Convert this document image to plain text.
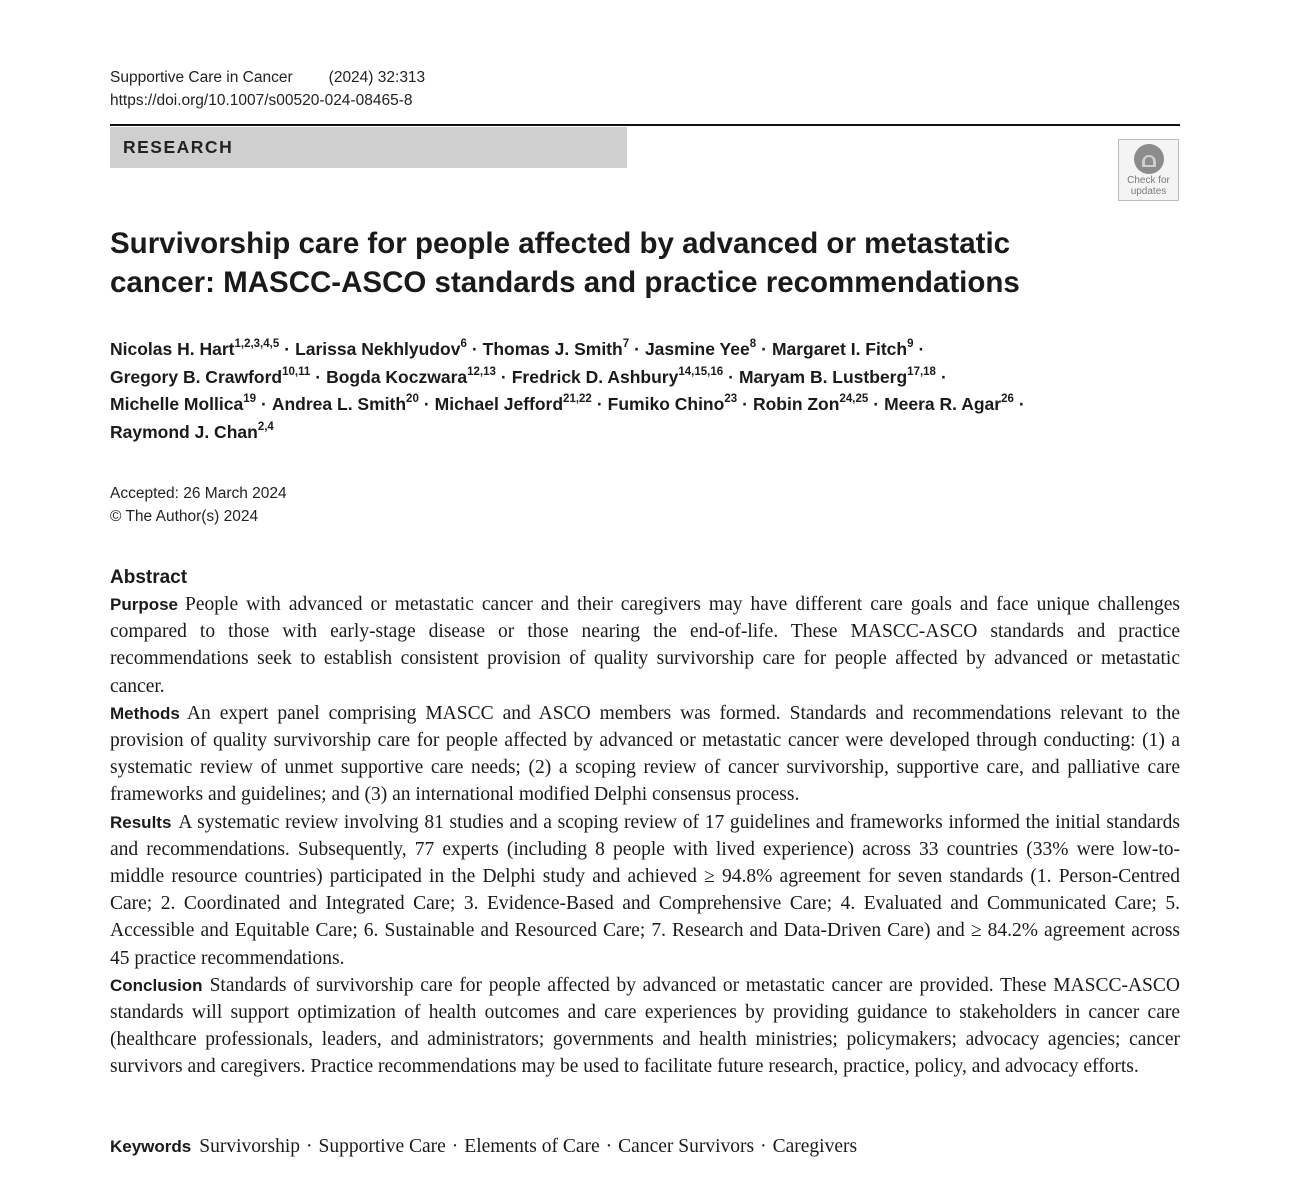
Supportive Care in Cancer (2024) 32:313
https://doi.org/10.1007/s00520-024-08465-8
RESEARCH
Check for
updates
Survivorship care for people affected by advanced or metastatic cancer: MASCC-ASCO standards and practice recommendations
Nicolas H. Hart$^{1,2,3,4,5}$ · Larissa Nekhlyudov$^6$ · Thomas J. Smith$^7$ · Jasmine Yee$^8$ · Margaret I. Fitch$^9$ ·
Gregory B. Crawford$^{10,11}$ · Bogda Koczwara$^{12,13}$ · Fredrick D. Ashbury$^{14,15,16}$ · Maryam B. Lustberg$^{17,18}$ ·
Michelle Mollica$^{19}$ · Andrea L. Smith$^{20}$ · Michael Jefford$^{21,22}$ · Fumiko Chino$^{23}$ · Robin Zon$^{24,25}$ · Meera R. Agar$^{26}$ ·
Raymond J. Chan$^{2,4}$
Accepted: 26 March 2024
© The Author(s) 2024
Abstract

Purpose People with advanced or metastatic cancer and their caregivers may have different care goals and face unique challenges compared to those with early-stage disease or those nearing the end-of-life. These MASCC-ASCO standards and practice recommendations seek to establish consistent provision of quality survivorship care for people affected by advanced or metastatic cancer.

Methods An expert panel comprising MASCC and ASCO members was formed. Standards and recommendations relevant to the provision of quality survivorship care for people affected by advanced or metastatic cancer were developed through conducting: (1) a systematic review of unmet supportive care needs; (2) a scoping review of cancer survivorship, supportive care, and palliative care frameworks and guidelines; and (3) an international modified Delphi consensus process.

Results A systematic review involving 81 studies and a scoping review of 17 guidelines and frameworks informed the initial standards and recommendations. Subsequently, 77 experts (including 8 people with lived experience) across 33 countries (33% were low-to-middle resource countries) participated in the Delphi study and achieved ≥ 94.8% agreement for seven standards (1. Person-Centred Care; 2. Coordinated and Integrated Care; 3. Evidence-Based and Comprehensive Care; 4. Evaluated and Communicated Care; 5. Accessible and Equitable Care; 6. Sustainable and Resourced Care; 7. Research and Data-Driven Care) and ≥ 84.2% agreement across 45 practice recommendations.

Conclusion Standards of survivorship care for people affected by advanced or metastatic cancer are provided. These MASCC-ASCO standards will support optimization of health outcomes and care experiences by providing guidance to stakeholders in cancer care (healthcare professionals, leaders, and administrators; governments and health ministries; policymakers; advocacy agencies; cancer survivors and caregivers. Practice recommendations may be used to facilitate future research, practice, policy, and advocacy efforts.

Keywords Survivorship · Supportive Care · Elements of Care · Cancer Survivors · Caregivers
